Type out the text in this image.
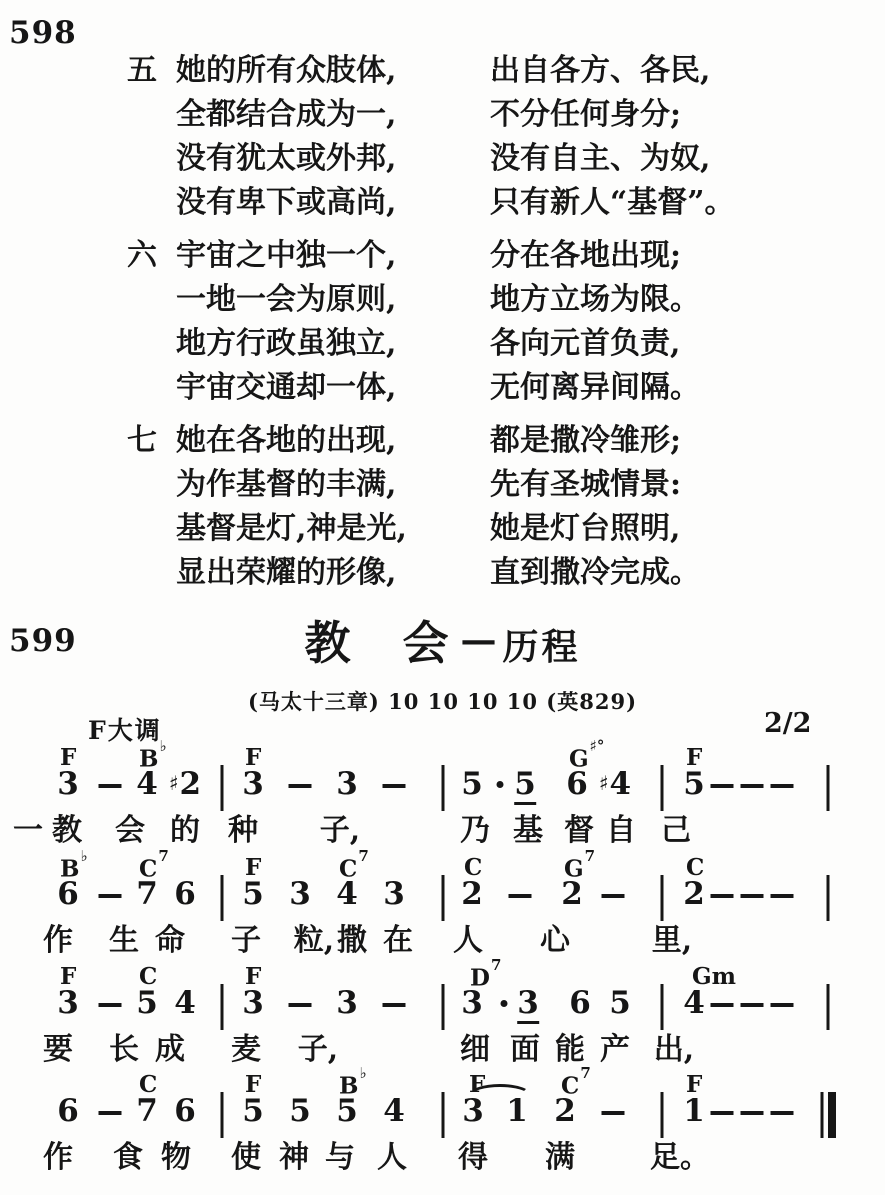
598
五 她的所有众肢体,	出自各方、各民,
全都结合成为一,	不分任何身分;
没有犹太或外邦,	没有自主、为奴,
没有卑下或高尚,	只有新人“基督”。
六 宇宙之中独一个,	分在各地出现;
一地一会为原则,	地方立场为限。
地方行政虽独立,	各向元首负责,
宇宙交通却一体,	无何离异间隔。
七 她在各地的出现,	都是撒冷雏形;
为作基督的丰满,	先有圣城情景:
基督是灯,神是光,	她是灯台照明,
显出荣耀的形像,	直到撒冷完成。
599	教 会— 历程
(马太十三章) 10 10 10 10 (英829)
F大调	2/2
F	B♭	F	G♯°	F
3 4 ♯2 3 3	5 5 6 ♯4 5
一 教 会 的 种 子,	乃 基 督 自 己
B♭ $C^7$	F	$C^7$	C	$G^7$	C
6 7 6 5 3 4 3 2	2	2
作 生 命 子 粒, 撒 在 人 心	里,
F	C	F	$D^7$	Gm
3 5 4 3 3	3 3 6 5 4
要 长 成 麦 子,	细 面 能 产 出,
C	F	B♭	F	$C^7$	F
6 7 6 5 5 5 4 3 1 2	1
作 食 物 使 神 与 人 得 满	足。
